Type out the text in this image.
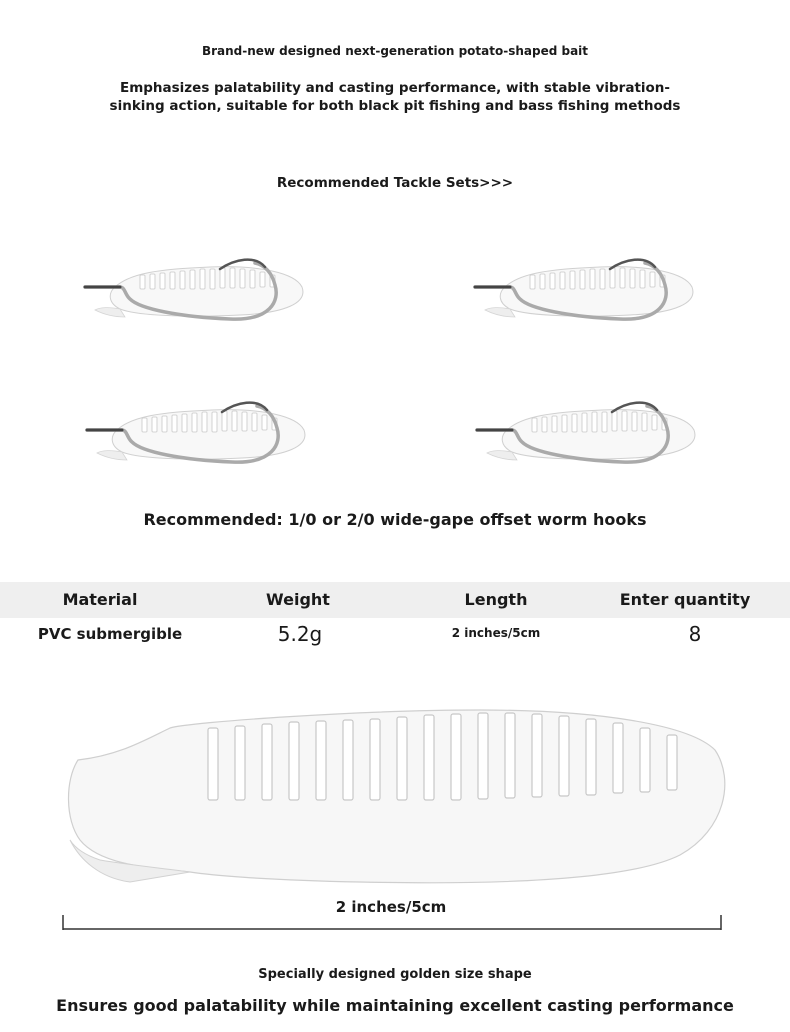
Brand-new designed next-generation potato-shaped bait
Emphasizes palatability and casting performance, with stable vibration-
sinking action, suitable for both black pit fishing and bass fishing methods
Recommended Tackle Sets>>>
Recommended: 1/0 or 2/0 wide-gape offset worm hooks
Material	Weight	Length	Enter quantity
PVC submergible	5.2g	2 inches/5cm	8
2 inches/5cm
Specially designed golden size shape
Ensures good palatability while maintaining excellent casting performance
